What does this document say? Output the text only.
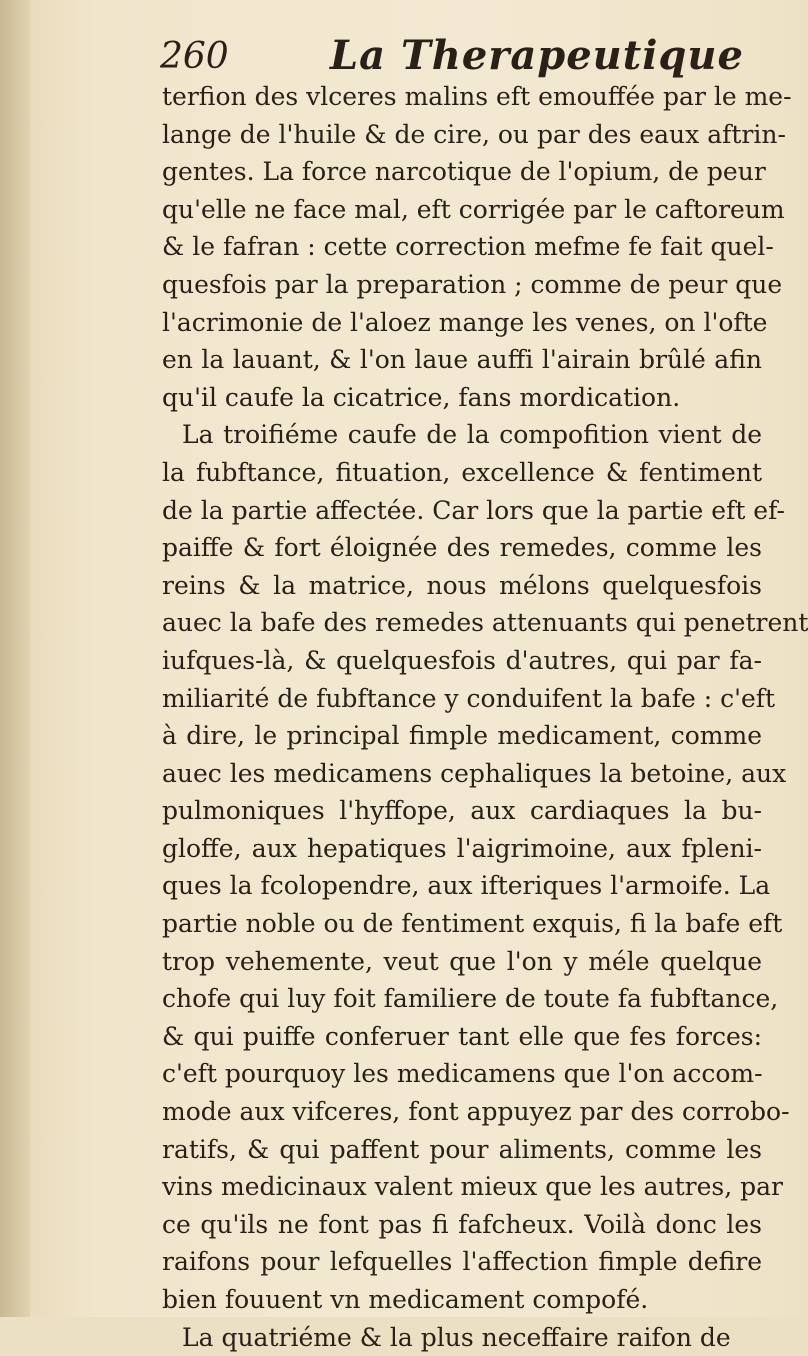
260	La Therapeutique
terfion des vlceres malins eft emouffée par le me-
lange de l'huile & de cire, ou par des eaux aftrin-
gentes. La force narcotique de l'opium, de peur
qu'elle ne face mal, eft corrigée par le caftoreum
& le fafran : cette correction mefme fe fait quel-
quesfois par la preparation ; comme de peur que
l'acrimonie de l'aloez mange les venes, on l'ofte
en la lauant, & l'on laue auffi l'airain brûlé afin
qu'il caufe la cicatrice, fans mordication.
La troifiéme caufe de la compofition vient de
la fubftance, fituation, excellence & fentiment
de la partie affectée. Car lors que la partie eft ef-
paiffe & fort éloignée des remedes, comme les
reins & la matrice, nous mélons quelquesfois
auec la bafe des remedes attenuants qui penetrent
iufques-là, & quelquesfois d'autres, qui par fa-
miliarité de fubftance y conduifent la bafe : c'eft
à dire, le principal fimple medicament, comme
auec les medicamens cephaliques la betoine, aux
pulmoniques l'hyffope, aux cardiaques la bu-
gloffe, aux hepatiques l'aigrimoine, aux fpleni-
ques la fcolopendre, aux ifteriques l'armoife. La
partie noble ou de fentiment exquis, fi la bafe eft
trop vehemente, veut que l'on y méle quelque
chofe qui luy foit familiere de toute fa fubftance,
& qui puiffe conferuer tant elle que fes forces:
c'eft pourquoy les medicamens que l'on accom-
mode aux vifceres, font appuyez par des corrobo-
ratifs, & qui paffent pour aliments, comme les
vins medicinaux valent mieux que les autres, par
ce qu'ils ne font pas fi fafcheux. Voilà donc les
raifons pour lefquelles l'affection fimple defire
bien fouuent vn medicament compofé.
La quatriéme & la plus neceffaire raifon de
